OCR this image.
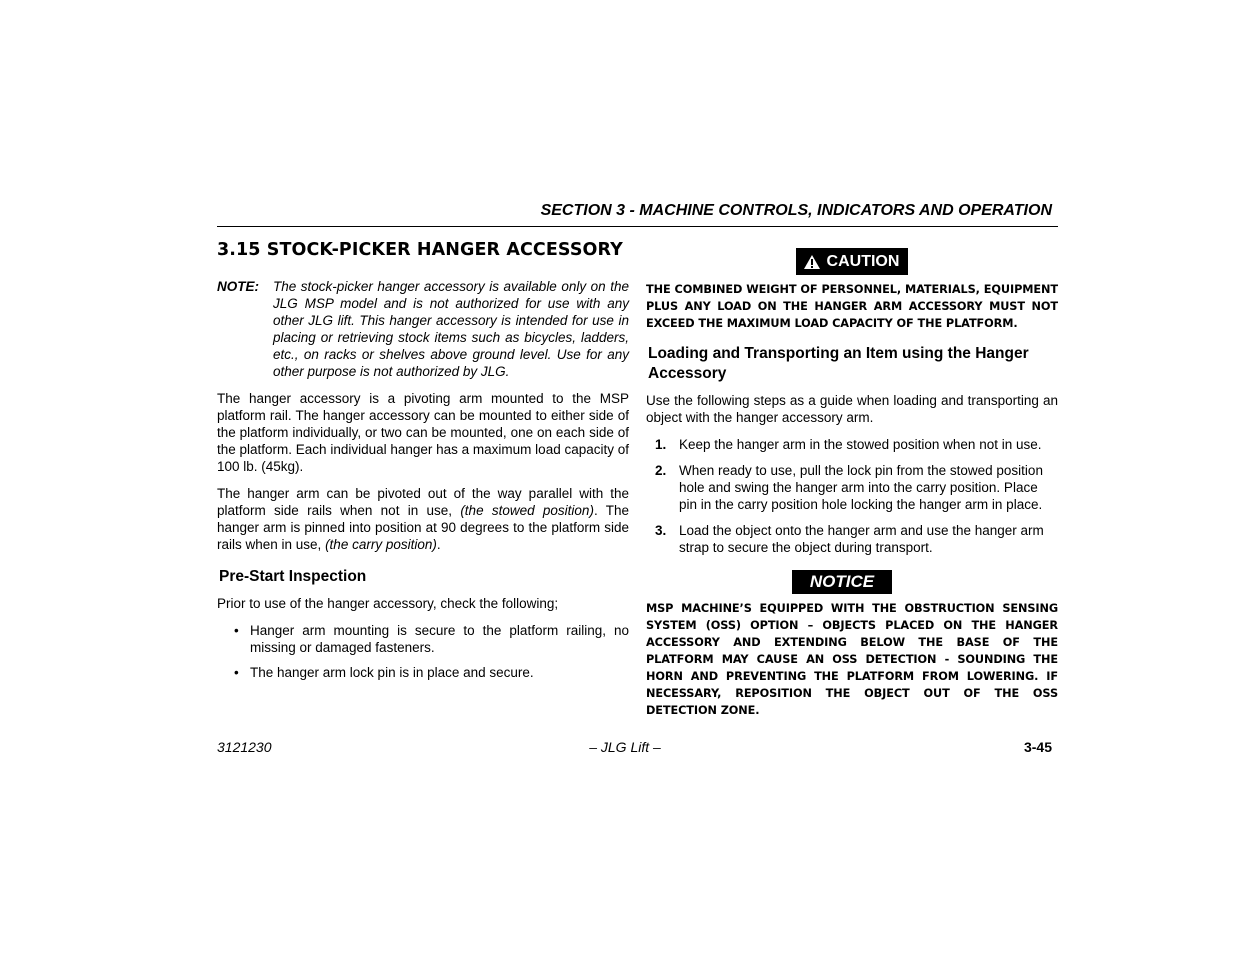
SECTION 3 - MACHINE CONTROLS, INDICATORS AND OPERATION
3.15 STOCK-PICKER HANGER ACCESSORY
NOTE:	The stock-picker hanger accessory is available only on the JLG MSP model and is not authorized for use with any other JLG lift. This hanger accessory is intended for use in placing or retrieving stock items such as bicycles, ladders, etc., on racks or shelves above ground level. Use for any other purpose is not authorized by JLG.

The hanger accessory is a pivoting arm mounted to the MSP platform rail. The hanger accessory can be mounted to either side of the platform individually, or two can be mounted, one on each side of the platform. Each individual hanger has a maximum load capacity of 100 lb. (45kg).

The hanger arm can be pivoted out of the way parallel with the platform side rails when not in use, (the stowed position). The hanger arm is pinned into position at 90 degrees to the platform side rails when in use, (the carry position).

Pre-Start Inspection

Prior to use of the hanger accessory, check the following;

• Hanger arm mounting is secure to the platform railing, no missing or damaged fasteners.
• The hanger arm lock pin is in place and secure.
CAUTION
THE COMBINED WEIGHT OF PERSONNEL, MATERIALS, EQUIPMENT PLUS ANY LOAD ON THE HANGER ARM ACCESSORY MUST NOT EXCEED THE MAXIMUM LOAD CAPACITY OF THE PLATFORM.
Loading and Transporting an Item using the Hanger Accessory

Use the following steps as a guide when loading and transporting an object with the hanger accessory arm.

1. Keep the hanger arm in the stowed position when not in use.
2. When ready to use, pull the lock pin from the stowed position hole and swing the hanger arm into the carry position. Place pin in the carry position hole locking the hanger arm in place.
3. Load the object onto the hanger arm and use the hanger arm strap to secure the object during transport.
NOTICE
MSP MACHINE’S EQUIPPED WITH THE OBSTRUCTION SENSING SYSTEM (OSS) OPTION – OBJECTS PLACED ON THE HANGER ACCESSORY AND EXTENDING BELOW THE BASE OF THE PLATFORM MAY CAUSE AN OSS DETECTION - SOUNDING THE HORN AND PREVENTING THE PLATFORM FROM LOWERING. IF NECESSARY, REPOSITION THE OBJECT OUT OF THE OSS DETECTION ZONE.
3121230	– JLG Lift –	3-45
